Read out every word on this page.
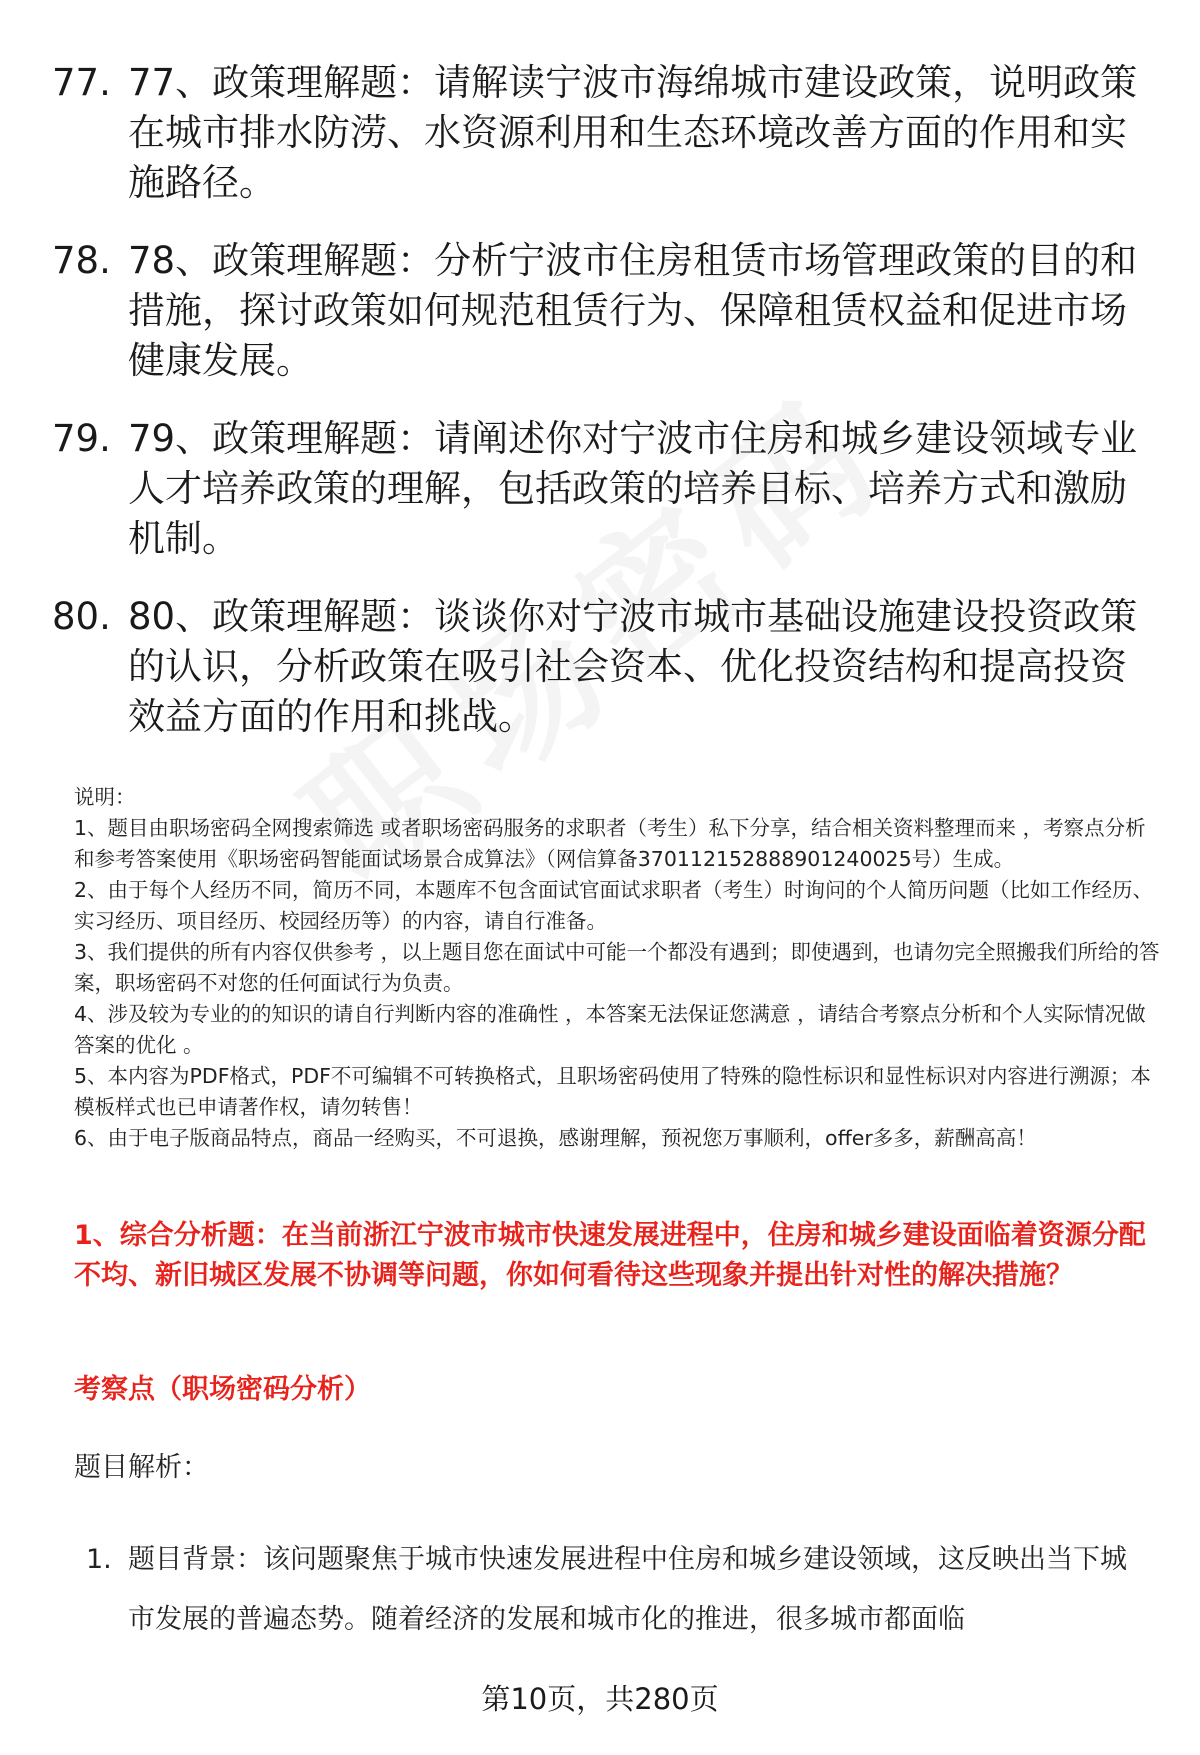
77. 77、政策理解题：请解读宁波市海绵城市建设政策，说明政策在城市排水防涝、水资源利用和生态环境改善方面的作用和实施路径。
78. 78、政策理解题：分析宁波市住房租赁市场管理政策的目的和措施，探讨政策如何规范租赁行为、保障租赁权益和促进市场健康发展。
79. 79、政策理解题：请阐述你对宁波市住房和城乡建设领域专业人才培养政策的理解，包括政策的培养目标、培养方式和激励机制。
80. 80、政策理解题：谈谈你对宁波市城市基础设施建设投资政策的认识，分析政策在吸引社会资本、优化投资结构和提高投资效益方面的作用和挑战。

说明：

1、题目由职场密码全网搜索筛选 或者职场密码服务的求职者（考生）私下分享，结合相关资料整理而来 ，考察点分析和参考答案使用《职场密码智能面试场景合成算法》（网信算备370112152888901240025号）生成。

2、由于每个人经历不同，简历不同，本题库不包含面试官面试求职者（考生）时询问的个人简历问题（比如工作经历、实习经历、项目经历、校园经历等）的内容，请自行准备。

3、我们提供的所有内容仅供参考 ，以上题目您在面试中可能一个都没有遇到；即使遇到，也请勿完全照搬我们所给的答案，职场密码不对您的任何面试行为负责。

4、涉及较为专业的的知识的请自行判断内容的准确性 ，本答案无法保证您满意 ，请结合考察点分析和个人实际情况做答案的优化 。

5、本内容为PDF格式，PDF不可编辑不可转换格式，且职场密码使用了特殊的隐性标识和显性标识对内容进行溯源；本模板样式也已申请著作权，请勿转售！

6、由于电子版商品特点，商品一经购买，不可退换，感谢理解，预祝您万事顺利，offer多多，薪酬高高！

1、综合分析题：在当前浙江宁波市城市快速发展进程中，住房和城乡建设面临着资源分配不均、新旧城区发展不协调等问题，你如何看待这些现象并提出针对性的解决措施？
考察点（职场密码分析）
题目解析：
1. 题目背景：该问题聚焦于城市快速发展进程中住房和城乡建设领域，这反映出当下城市发展的普遍态势。随着经济的发展和城市化的推进，很多城市都面临
第10页，共280页
